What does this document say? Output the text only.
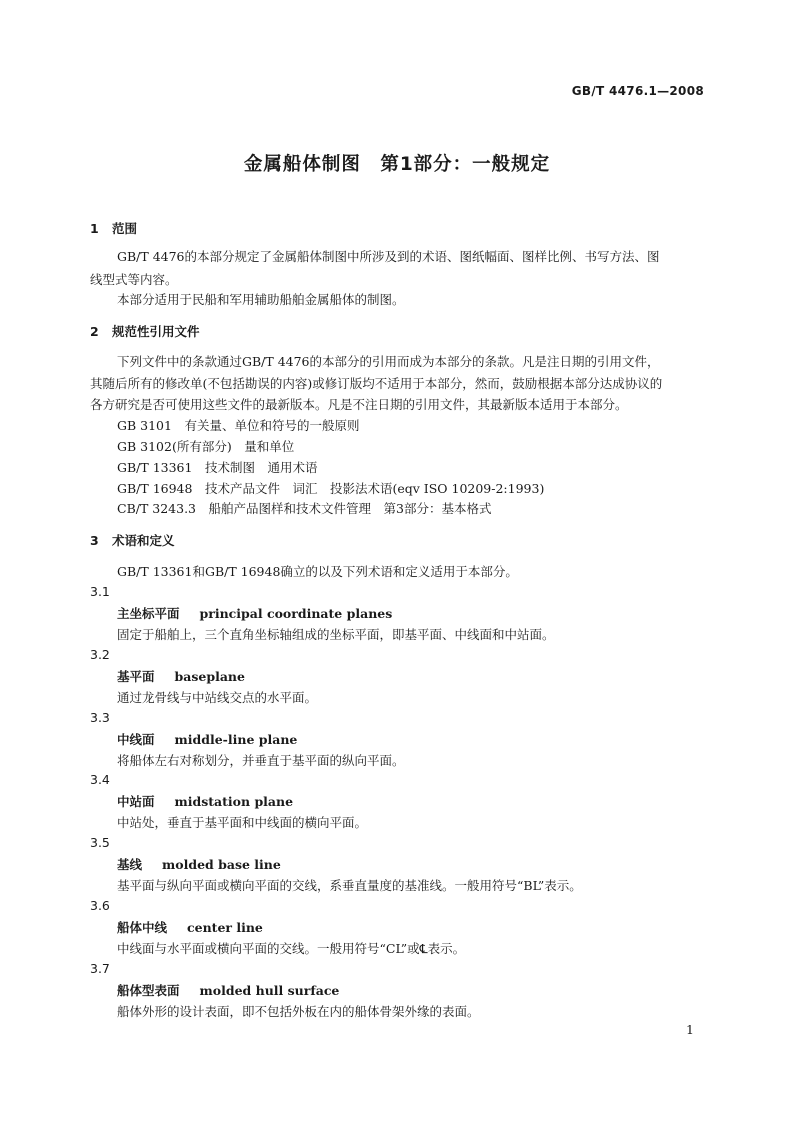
GB/T 4476.1—2008
金属船体制图　第1部分：一般规定
1 范围
GB/T 4476的本部分规定了金属船体制图中所涉及到的术语、图纸幅面、图样比例、书写方法、图
线型式等内容。
本部分适用于民船和军用辅助船舶金属船体的制图。
2 规范性引用文件
下列文件中的条款通过GB/T 4476的本部分的引用而成为本部分的条款。凡是注日期的引用文件，
其随后所有的修改单(不包括勘误的内容)或修订版均不适用于本部分，然而，鼓励根据本部分达成协议的
各方研究是否可使用这些文件的最新版本。凡是不注日期的引用文件，其最新版本适用于本部分。
GB 3101　有关量、单位和符号的一般原则
GB 3102(所有部分)　量和单位
GB/T 13361　技术制图　通用术语
GB/T 16948　技术产品文件　词汇　投影法术语(eqv ISO 10209-2:1993)
CB/T 3243.3　船舶产品图样和技术文件管理　第3部分：基本格式
3 术语和定义
GB/T 13361和GB/T 16948确立的以及下列术语和定义适用于本部分。
3.1
主坐标平面 principal coordinate planes
固定于船舶上，三个直角坐标轴组成的坐标平面，即基平面、中线面和中站面。
3.2
基平面 baseplane
通过龙骨线与中站线交点的水平面。
3.3
中线面 middle-line plane
将船体左右对称划分，并垂直于基平面的纵向平面。
3.4
中站面 midstation plane
中站处，垂直于基平面和中线面的横向平面。
3.5
基线 molded base line
基平面与纵向平面或横向平面的交线，系垂直量度的基准线。一般用符号“BL”表示。
3.6
船体中线 center line
中线面与水平面或横向平面的交线。一般用符号“CL”或℄表示。
3.7
船体型表面 molded hull surface
船体外形的设计表面，即不包括外板在内的船体骨架外缘的表面。
1
